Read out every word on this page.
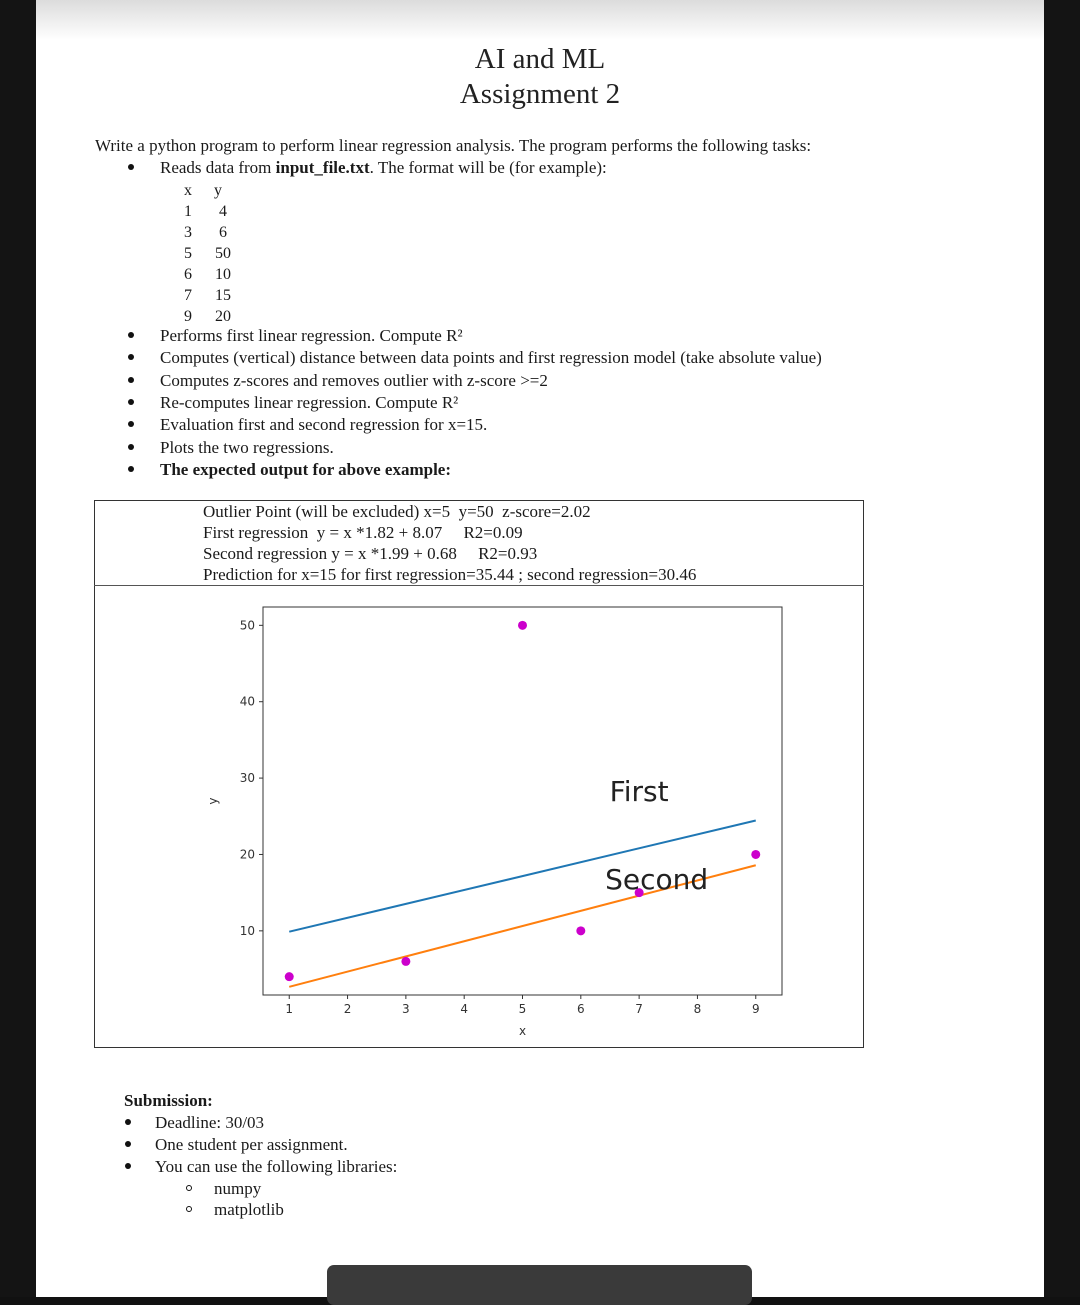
AI and ML
Assignment 2
Write a python program to perform linear regression analysis. The program performs the following tasks:
Reads data from input_file.txt. The format will be (for example):
x	y
1	4
3	6
5	50
6	10
7	15
9	20
Performs first linear regression. Compute R²
Computes (vertical) distance between data points and first regression model (take absolute value)
Computes z-scores and removes outlier with z-score >=2
Re-computes linear regression. Compute R²
Evaluation first and second regression for x=15.
Plots the two regressions.
The expected output for above example:
Outlier Point (will be excluded) x=5  y=50  z-score=2.02
First regression  y = x *1.82 + 8.07     R2=0.09
Second regression y = x *1.99 + 0.68     R2=0.93
Prediction for x=15 for first regression=35.44 ; second regression=30.46
1	2	3	4	5	6	7	8	9
10
20
30
40
50
First
Second
x
y
Submission:
Deadline: 30/03
One student per assignment.
You can use the following libraries:
numpy
matplotlib
